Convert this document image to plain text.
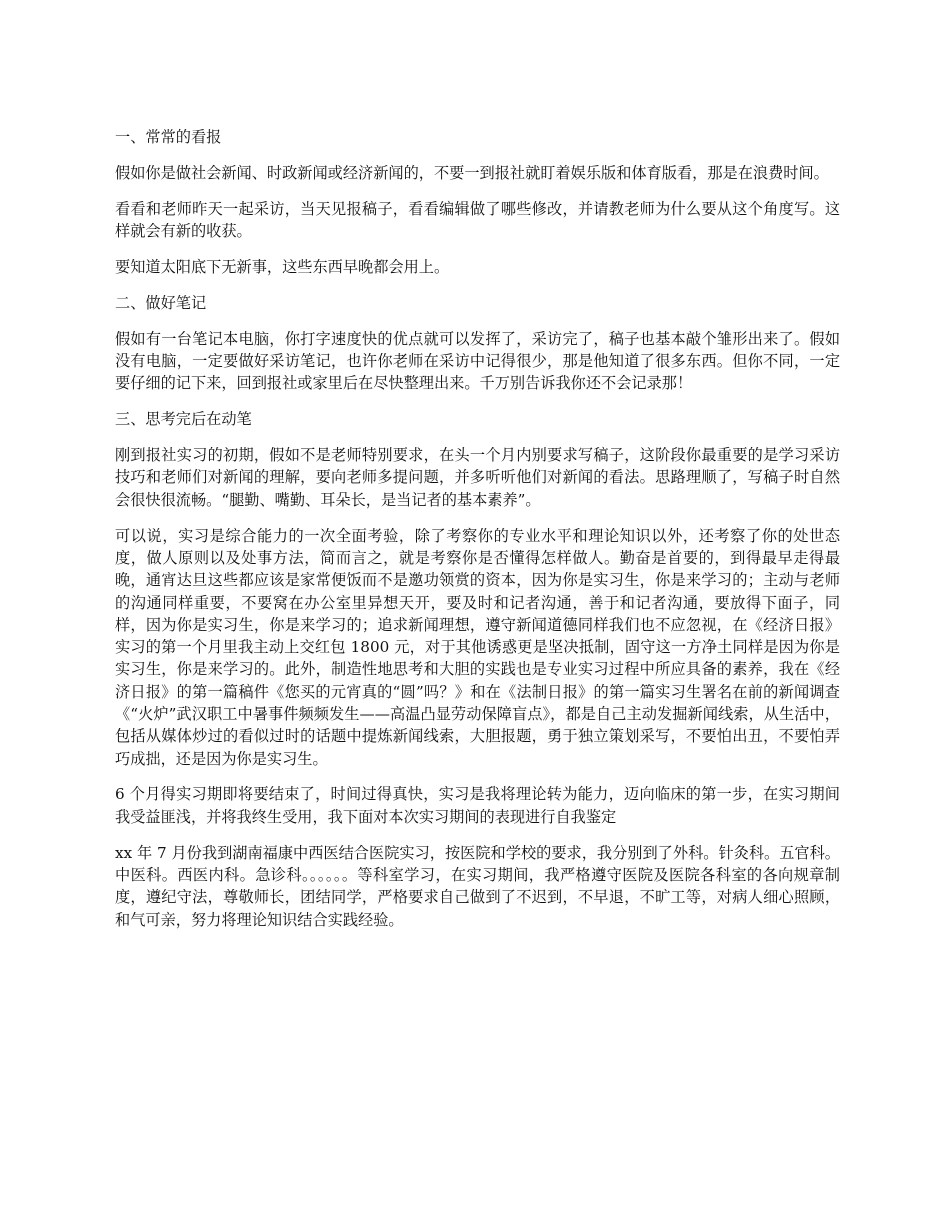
一、常常的看报

假如你是做社会新闻、时政新闻或经济新闻的，不要一到报社就盯着娱乐版和体育版看，那是在浪费时间。

看看和老师昨天一起采访，当天见报稿子，看看编辑做了哪些修改，并请教老师为什么要从这个角度写。这样就会有新的收获。

要知道太阳底下无新事，这些东西早晚都会用上。

二、做好笔记

假如有一台笔记本电脑，你打字速度快的优点就可以发挥了，采访完了，稿子也基本敲个雏形出来了。假如没有电脑，一定要做好采访笔记，也许你老师在采访中记得很少，那是他知道了很多东西。但你不同，一定要仔细的记下来，回到报社或家里后在尽快整理出来。千万别告诉我你还不会记录那！

三、思考完后在动笔

刚到报社实习的初期，假如不是老师特别要求，在头一个月内别要求写稿子，这阶段你最重要的是学习采访技巧和老师们对新闻的理解，要向老师多提问题，并多听听他们对新闻的看法。思路理顺了，写稿子时自然会很快很流畅。“腿勤、嘴勤、耳朵长，是当记者的基本素养”。

可以说，实习是综合能力的一次全面考验，除了考察你的专业水平和理论知识以外，还考察了你的处世态度，做人原则以及处事方法，简而言之，就是考察你是否懂得怎样做人。勤奋是首要的，到得最早走得最晚，通宵达旦这些都应该是家常便饭而不是邀功领赏的资本，因为你是实习生，你是来学习的；主动与老师的沟通同样重要，不要窝在办公室里异想天开，要及时和记者沟通，善于和记者沟通，要放得下面子，同样，因为你是实习生，你是来学习的；追求新闻理想，遵守新闻道德同样我们也不应忽视，在《经济日报》实习的第一个月里我主动上交红包 1800 元，对于其他诱惑更是坚决抵制，固守这一方净土同样是因为你是实习生，你是来学习的。此外，制造性地思考和大胆的实践也是专业实习过程中所应具备的素养，我在《经济日报》的第一篇稿件《您买的元宵真的“圆”吗？》和在《法制日报》的第一篇实习生署名在前的新闻调查《“火炉”武汉职工中暑事件频频发生——高温凸显劳动保障盲点》，都是自己主动发掘新闻线索，从生活中，包括从媒体炒过的看似过时的话题中提炼新闻线索，大胆报题，勇于独立策划采写，不要怕出丑，不要怕弄巧成拙，还是因为你是实习生。

6 个月得实习期即将要结束了，时间过得真快，实习是我将理论转为能力，迈向临床的第一步，在实习期间我受益匪浅，并将我终生受用，我下面对本次实习期间的表现进行自我鉴定

xx 年 7 月份我到湖南福康中西医结合医院实习，按医院和学校的要求，我分别到了外科。针灸科。五官科。中医科。西医内科。急诊科。。。。。。等科室学习，在实习期间，我严格遵守医院及医院各科室的各向规章制度，遵纪守法，尊敬师长，团结同学，严格要求自己做到了不迟到，不早退，不旷工等，对病人细心照顾，和气可亲，努力将理论知识结合实践经验。
